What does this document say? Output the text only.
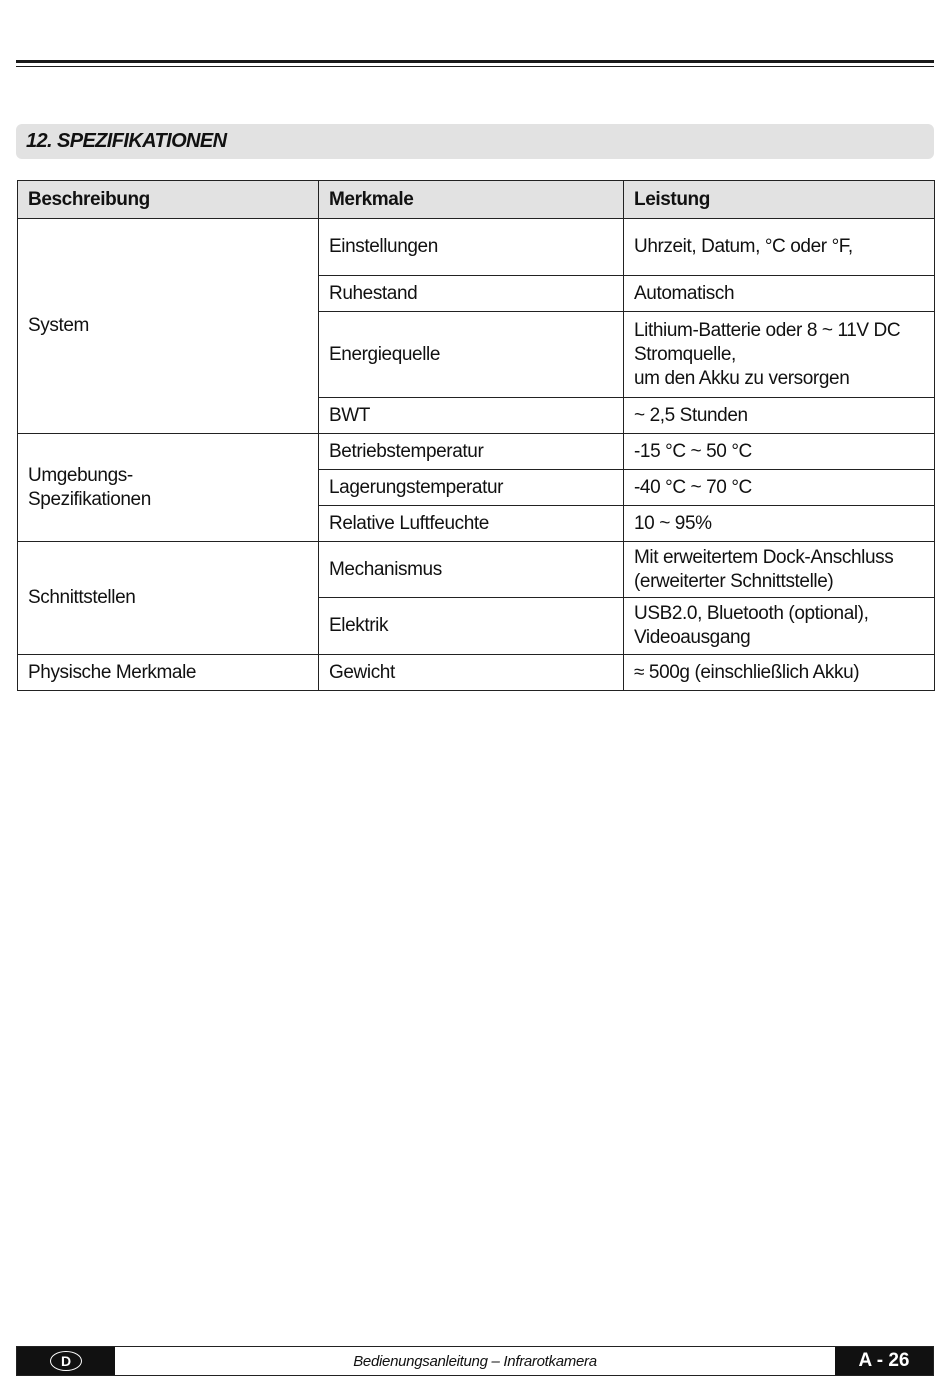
12. SPEZIFIKATIONEN
Beschreibung	Merkmale	Leistung
System	Einstellungen	Uhrzeit, Datum, °C oder °F,
	Ruhestand	Automatisch
	Energiequelle	Lithium-Batterie oder 8 ~ 11V DC
Stromquelle,
um den Akku zu versorgen

	BWT	~ 2,5 Stunden

Umgebungs-
Spezifikationen	Betriebstemperatur	-15 °C ~ 50 °C
	Lagerungstemperatur	-40 °C ~ 70 °C
	Relative Luftfeuchte	10 ~ 95%
Schnittstellen	Mechanismus	Mit erweitertem Dock-Anschluss
(erweiterter Schnittstelle)

	Elektrik	USB2.0, Bluetooth (optional),
Videoausgang

Physische Merkmale	Gewicht	≈ 500g (einschließlich Akku)
D	Bedienungsanleitung – Infrarotkamera	A - 26
